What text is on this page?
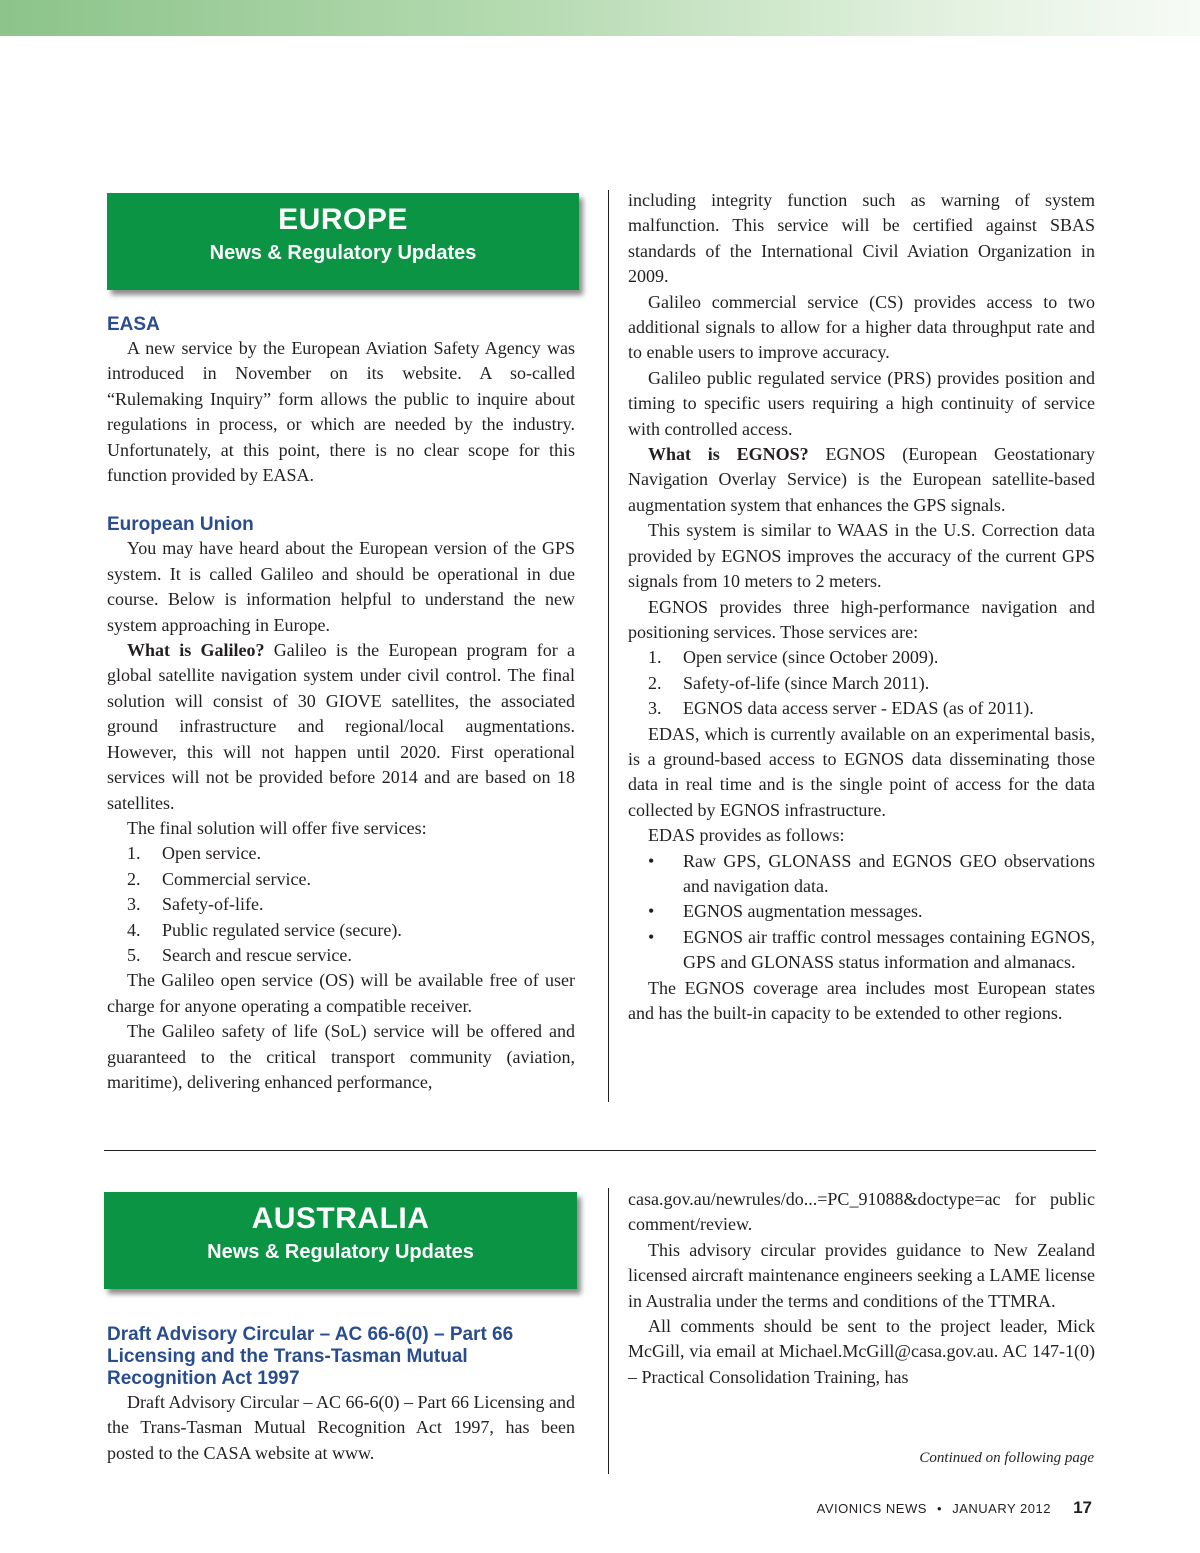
EUROPE
News & Regulatory Updates
EASA

A new service by the European Aviation Safety Agency was introduced in November on its website. A so-called “Rulemaking Inquiry” form allows the public to inquire about regulations in process, or which are needed by the industry. Unfortunately, at this point, there is no clear scope for this function provided by EASA.

European Union

You may have heard about the European version of the GPS system. It is called Galileo and should be operational in due course. Below is information helpful to understand the new system approaching in Europe.

What is Galileo? Galileo is the European program for a global satellite navigation system under civil control. The final solution will consist of 30 GIOVE satellites, the associated ground infrastructure and regional/local augmentations. However, this will not happen until 2020. First operational services will not be provided before 2014 and are based on 18 satellites.

The final solution will offer five services:

1.	Open service.
2.	Commercial service.
3.	Safety-of-life.
4.	Public regulated service (secure).
5.	Search and rescue service.

The Galileo open service (OS) will be available free of user charge for anyone operating a compatible receiver.

The Galileo safety of life (SoL) service will be offered and guaranteed to the critical transport community (aviation, maritime), delivering enhanced performance,

including integrity function such as warning of system malfunction. This service will be certified against SBAS standards of the International Civil Aviation Organization in 2009.

Galileo commercial service (CS) provides access to two additional signals to allow for a higher data throughput rate and to enable users to improve accuracy.

Galileo public regulated service (PRS) provides position and timing to specific users requiring a high continuity of service with controlled access.

What is EGNOS? EGNOS (European Geostationary Navigation Overlay Service) is the European satellite-based augmentation system that enhances the GPS signals.

This system is similar to WAAS in the U.S. Correction data provided by EGNOS improves the accuracy of the current GPS signals from 10 meters to 2 meters.

EGNOS provides three high-performance navigation and positioning services. Those services are:

1.	Open service (since October 2009).
2.	Safety-of-life (since March 2011).
3.	EGNOS data access server - EDAS (as of 2011).

EDAS, which is currently available on an experimental basis, is a ground-based access to EGNOS data disseminating those data in real time and is the single point of access for the data collected by EGNOS infrastructure.

EDAS provides as follows:

•	Raw GPS, GLONASS and EGNOS GEO observations and navigation data.
•	EGNOS augmentation messages.
•	EGNOS air traffic control messages containing EGNOS, GPS and GLONASS status information and almanacs.

The EGNOS coverage area includes most European states and has the built-in capacity to be extended to other regions.

AUSTRALIA
News & Regulatory Updates
Draft Advisory Circular – AC 66-6(0) – Part 66 Licensing and the Trans-Tasman Mutual Recognition Act 1997

Draft Advisory Circular – AC 66-6(0) – Part 66 Licensing and the Trans-Tasman Mutual Recognition Act 1997, has been posted to the CASA website at www.

casa.gov.au/newrules/do...=PC_91088&doctype=ac for public comment/review.

This advisory circular provides guidance to New Zealand licensed aircraft maintenance engineers seeking a LAME license in Australia under the terms and conditions of the TTMRA.

All comments should be sent to the project leader, Mick McGill, via email at Michael.McGill@casa.gov.au. AC 147-1(0) – Practical Consolidation Training, has

Continued on following page
AVIONICS NEWS • JANUARY 2012 17
